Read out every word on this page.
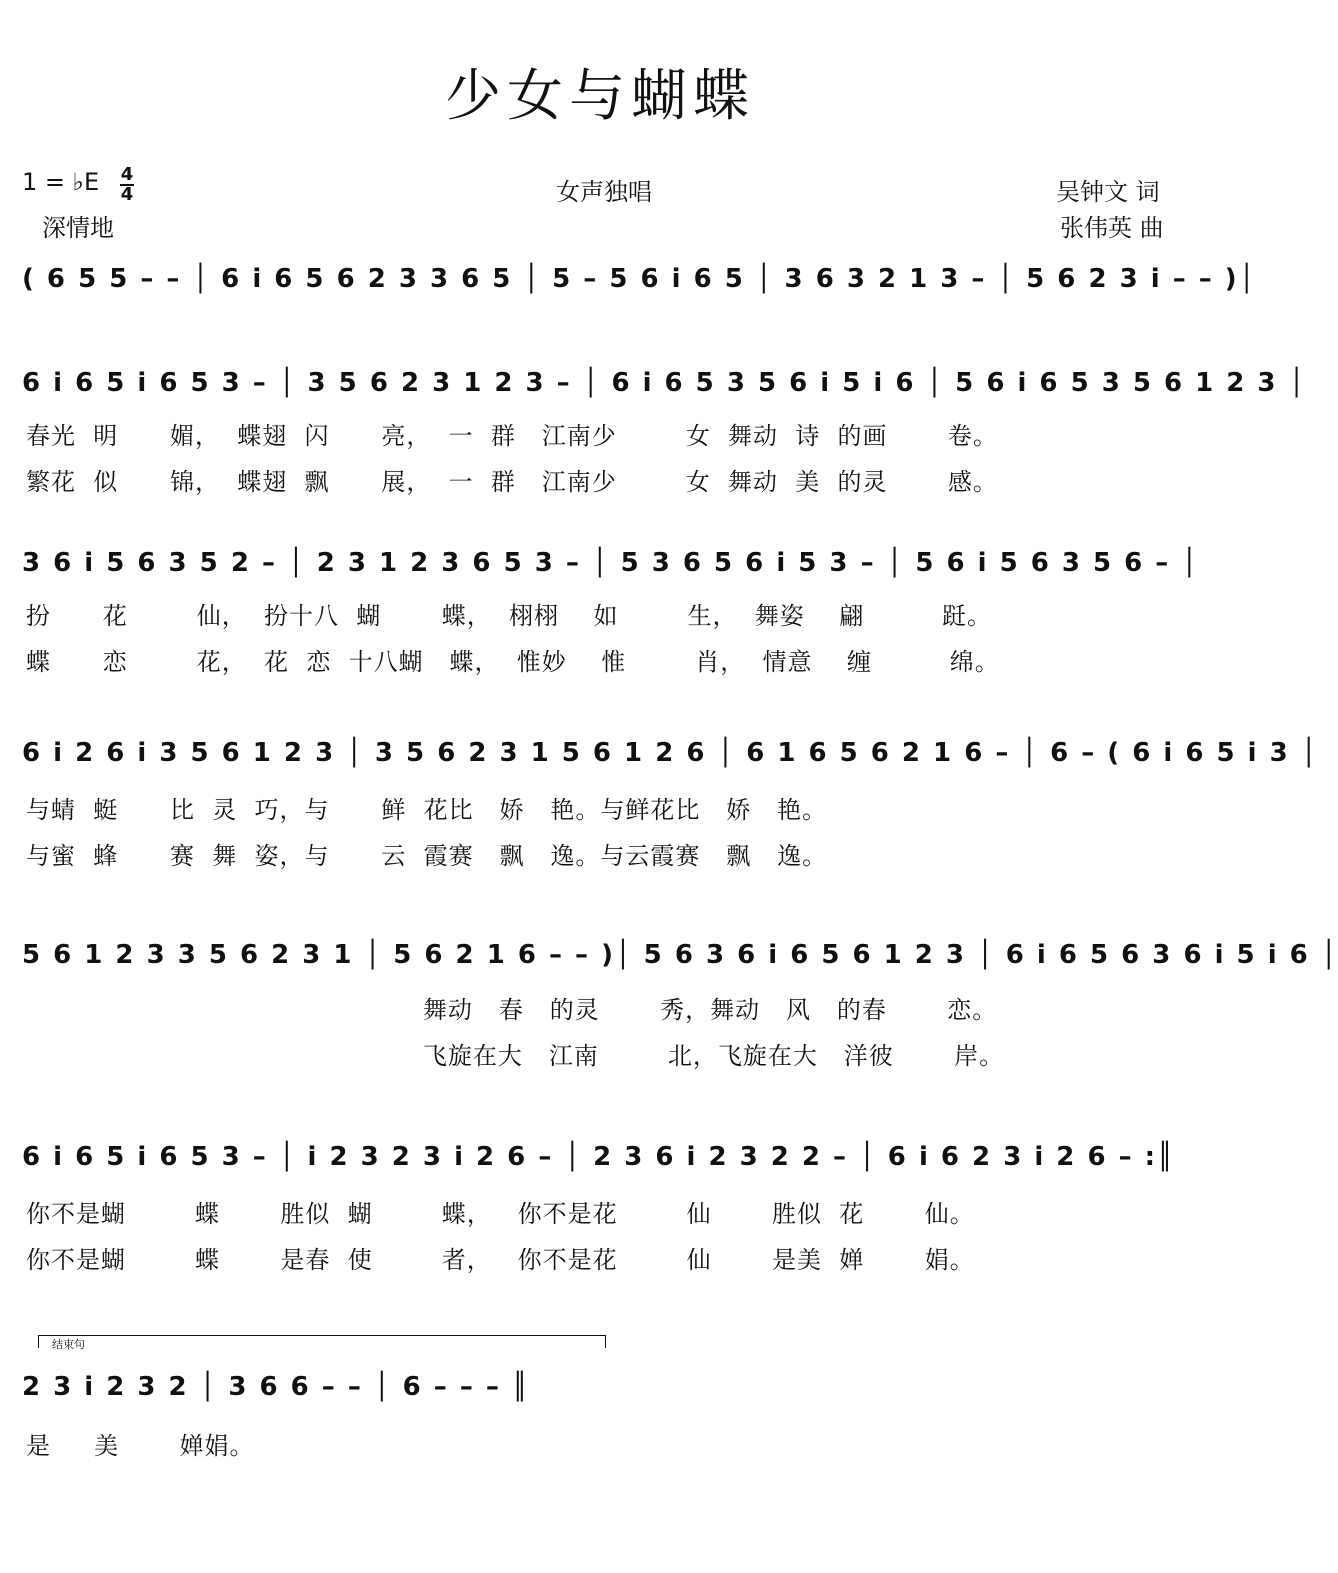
少女与蝴蝶
1 = ♭E 4
4
深情地
女声独唱	吴钟文 词
张伟英 曲
( 6 5 5 – – │ 6 i 6 5 6 2 3 3 6 5 │ 5 – 5 6 i 6 5 │ 3 6 3 2 1 3 – │ 5 6 2 3 i – – )│
6 i 6 5 i 6 5 3 – │ 3 5 6 2 3 1 2 3 – │ 6 i 6 5 3 5 6 i 5 i 6 │ 5 6 i 6 5 3 5 6 1 2 3 │
春光  明      媚，  蝶翅  闪      亮，  一  群   江南少        女  舞动  诗  的画       卷。
繁花  似      锦，  蝶翅  飘      展，  一  群   江南少        女  舞动  美  的灵       感。
3 6 i 5 6 3 5 2 – │ 2 3 1 2 3 6 5 3 – │ 5 3 6 5 6 i 5 3 – │ 5 6 i 5 6 3 5 6 – │
扮      花        仙，  扮十八  蝴       蝶，  栩栩    如        生，  舞姿    翩         跹。
蝶      恋        花，  花  恋  十八蝴   蝶，  惟妙    惟        肖，  情意    缠         绵。
6 i 2 6 i 3 5 6 1 2 3 │ 3 5 6 2 3 1 5 6 1 2 6 │ 6 1 6 5 6 2 1 6 – │ 6 – ( 6 i 6 5 i 3 │
与蜻  蜓      比  灵  巧，与      鲜  花比   娇   艳。与鲜花比   娇   艳。
与蜜  蜂      赛  舞  姿，与      云  霞赛   飘   逸。与云霞赛   飘   逸。
5 6 1 2 3 3 5 6 2 3 1 │ 5 6 2 1 6 – – )│ 5 6 3 6 i 6 5 6 1 2 3 │ 6 i 6 5 6 3 6 i 5 i 6 │
舞动   春   的灵       秀，舞动   风   的春       恋。
飞旋在大   江南        北，飞旋在大   洋彼       岸。
6 i 6 5 i 6 5 3 – │ i 2 3 2 3 i 2 6 – │ 2 3 6 i 2 3 2 2 – │ 6 i 6 2 3 i 2 6 – :║
你不是蝴        蝶       胜似  蝴        蝶，   你不是花        仙       胜似  花       仙。
你不是蝴        蝶       是春  使        者，   你不是花        仙       是美  婵       娟。
结束句
2 3 i 2 3 2 │ 3 6 6 – – │ 6 – – – ║
是     美       婵娟。
